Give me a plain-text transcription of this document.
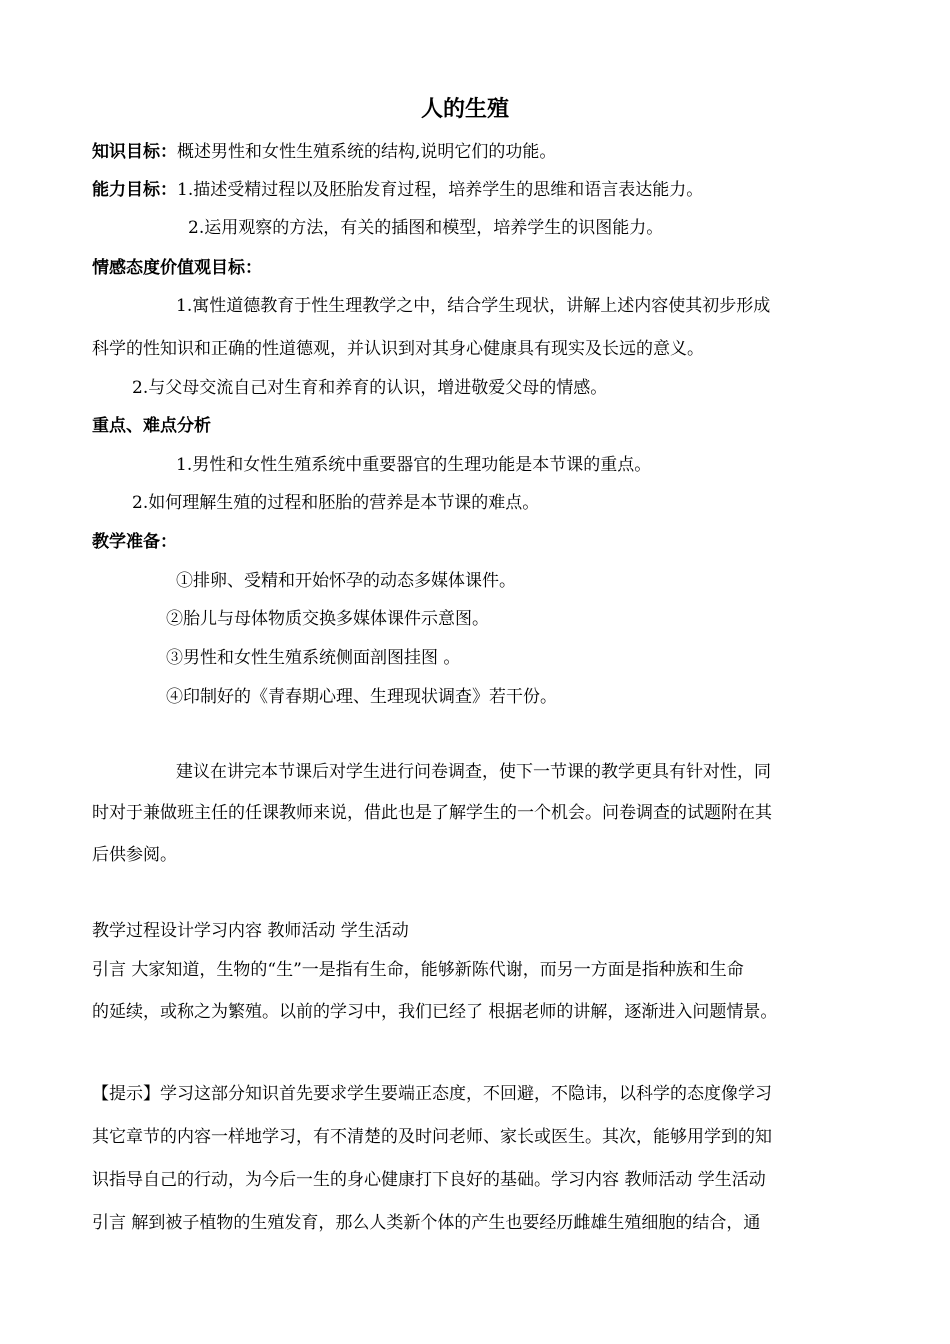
人的生殖
知识目标：概述男性和女性生殖系统的结构,说明它们的功能。
能力目标：1.描述受精过程以及胚胎发育过程，培养学生的思维和语言表达能力。
2.运用观察的方法，有关的插图和模型，培养学生的识图能力。
情感态度价值观目标：
1.寓性道德教育于性生理教学之中，结合学生现状，讲解上述内容使其初步形成
科学的性知识和正确的性道德观，并认识到对其身心健康具有现实及长远的意义。
2.与父母交流自己对生育和养育的认识，增进敬爱父母的情感。
重点、难点分析
1.男性和女性生殖系统中重要器官的生理功能是本节课的重点。
2.如何理解生殖的过程和胚胎的营养是本节课的难点。
教学准备：
①排卵、受精和开始怀孕的动态多媒体课件。
②胎儿与母体物质交换多媒体课件示意图。
③男性和女性生殖系统侧面剖图挂图 。
④印制好的《青春期心理、生理现状调查》若干份。
建议在讲完本节课后对学生进行问卷调查，使下一节课的教学更具有针对性，同
时对于兼做班主任的任课教师来说，借此也是了解学生的一个机会。问卷调查的试题附在其
后供参阅。
教学过程设计学习内容 教师活动 学生活动
引言 大家知道，生物的“生”一是指有生命，能够新陈代谢，而另一方面是指种族和生命
的延续，或称之为繁殖。以前的学习中，我们已经了 根据老师的讲解，逐渐进入问题情景。
【提示】学习这部分知识首先要求学生要端正态度，不回避，不隐讳，以科学的态度像学习
其它章节的内容一样地学习，有不清楚的及时问老师、家长或医生。其次，能够用学到的知
识指导自己的行动，为今后一生的身心健康打下良好的基础。学习内容 教师活动 学生活动
引言 解到被子植物的生殖发育，那么人类新个体的产生也要经历雌雄生殖细胞的结合，通
